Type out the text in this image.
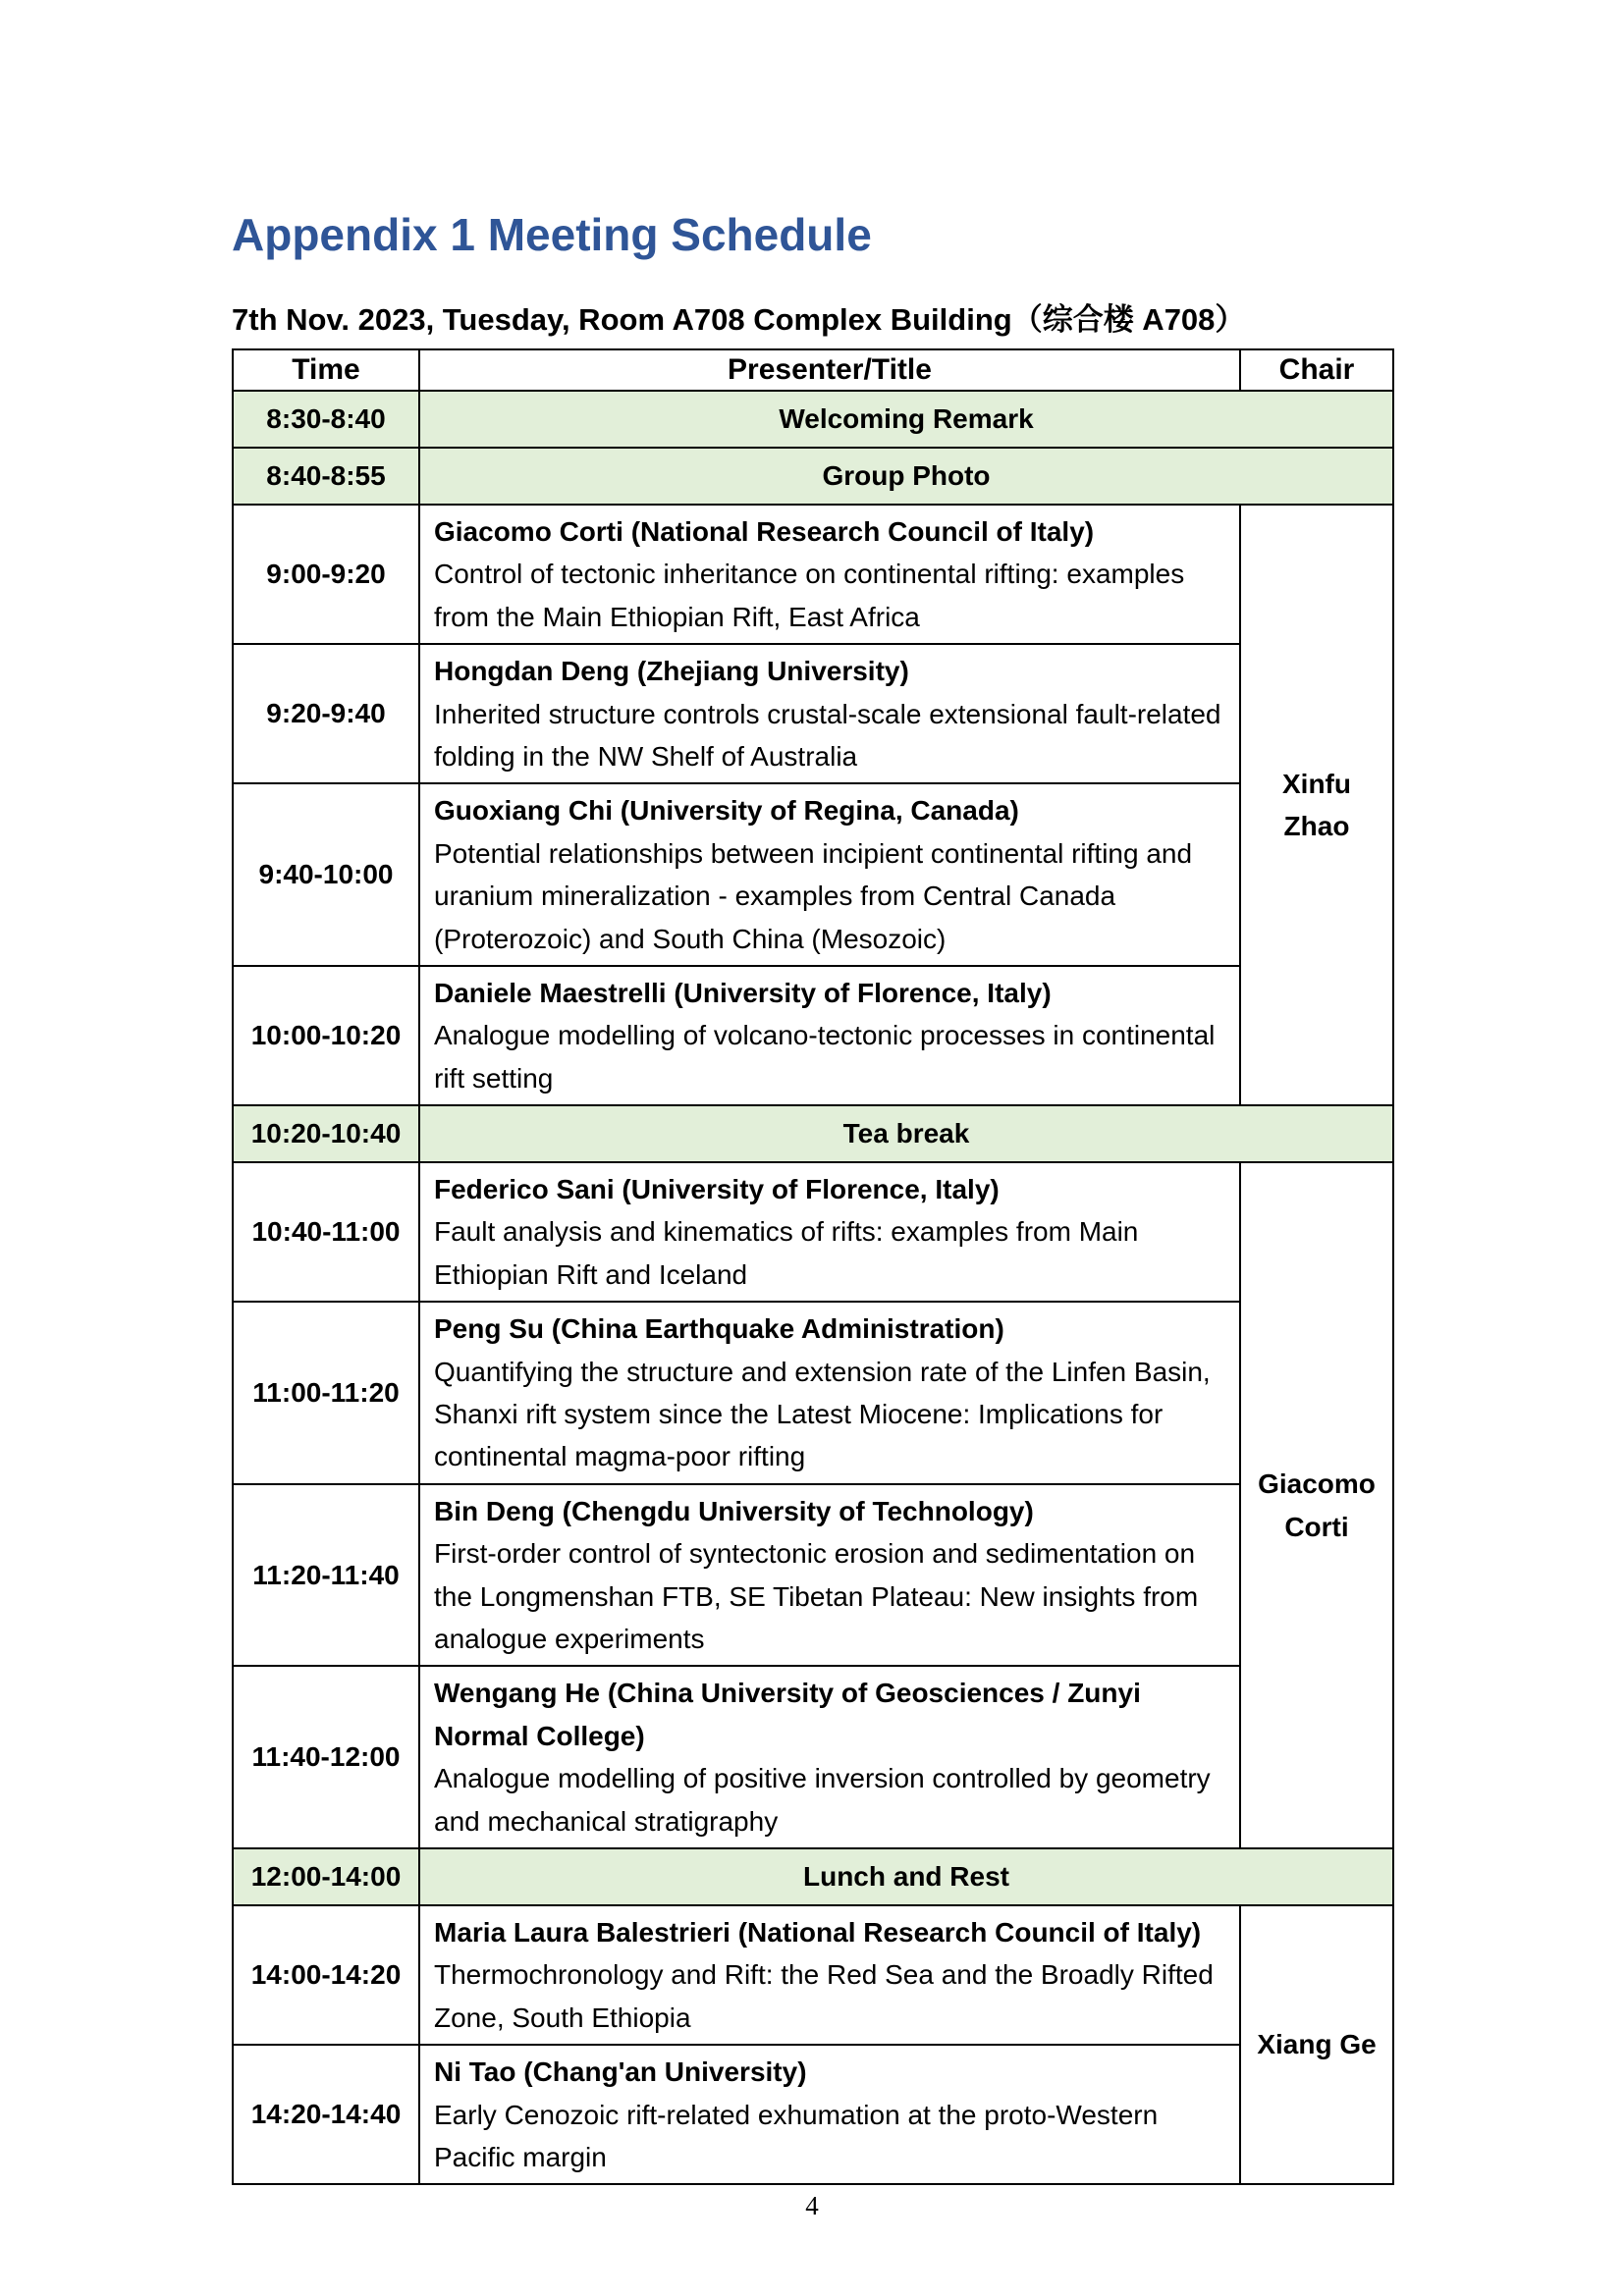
Appendix 1 Meeting Schedule
7th Nov. 2023, Tuesday, Room A708 Complex Building（综合楼 A708）
Time	Presenter/Title	Chair
8:30-8:40	Welcoming Remark	
8:40-8:55	Group Photo	
9:00-9:20	Giacomo Corti (National Research Council of Italy)
Control of tectonic inheritance on continental rifting: examples from the Main Ethiopian Rift, East Africa	Xinfu Zhao
9:20-9:40	Hongdan Deng (Zhejiang University)
Inherited structure controls crustal-scale extensional fault-related folding in the NW Shelf of Australia	

9:40-10:00	Guoxiang Chi (University of Regina, Canada)
Potential relationships between incipient continental rifting and uranium mineralization - examples from Central Canada (Proterozoic) and South China (Mesozoic)	

10:00-10:20	Daniele Maestrelli (University of Florence, Italy)
Analogue modelling of volcano-tectonic processes in continental rift setting	

10:20-10:40	Tea break	
10:40-11:00	Federico Sani (University of Florence, Italy)
Fault analysis and kinematics of rifts: examples from Main Ethiopian Rift and Iceland	Giacomo Corti
11:00-11:20	Peng Su (China Earthquake Administration)
Quantifying the structure and extension rate of the Linfen Basin, Shanxi rift system since the Latest Miocene: Implications for continental magma-poor rifting	

11:20-11:40	Bin Deng (Chengdu University of Technology)
First-order control of syntectonic erosion and sedimentation on the Longmenshan FTB, SE Tibetan Plateau: New insights from analogue experiments	

11:40-12:00	Wengang He (China University of Geosciences / Zunyi Normal College)
Analogue modelling of positive inversion controlled by geometry and mechanical stratigraphy	

12:00-14:00	Lunch and Rest	
14:00-14:20	Maria Laura Balestrieri (National Research Council of Italy)
Thermochronology and Rift: the Red Sea and the Broadly Rifted Zone, South Ethiopia	Xiang Ge
14:20-14:40	Ni Tao (Chang'an University)
Early Cenozoic rift-related exhumation at the proto-Western Pacific margin	
4
